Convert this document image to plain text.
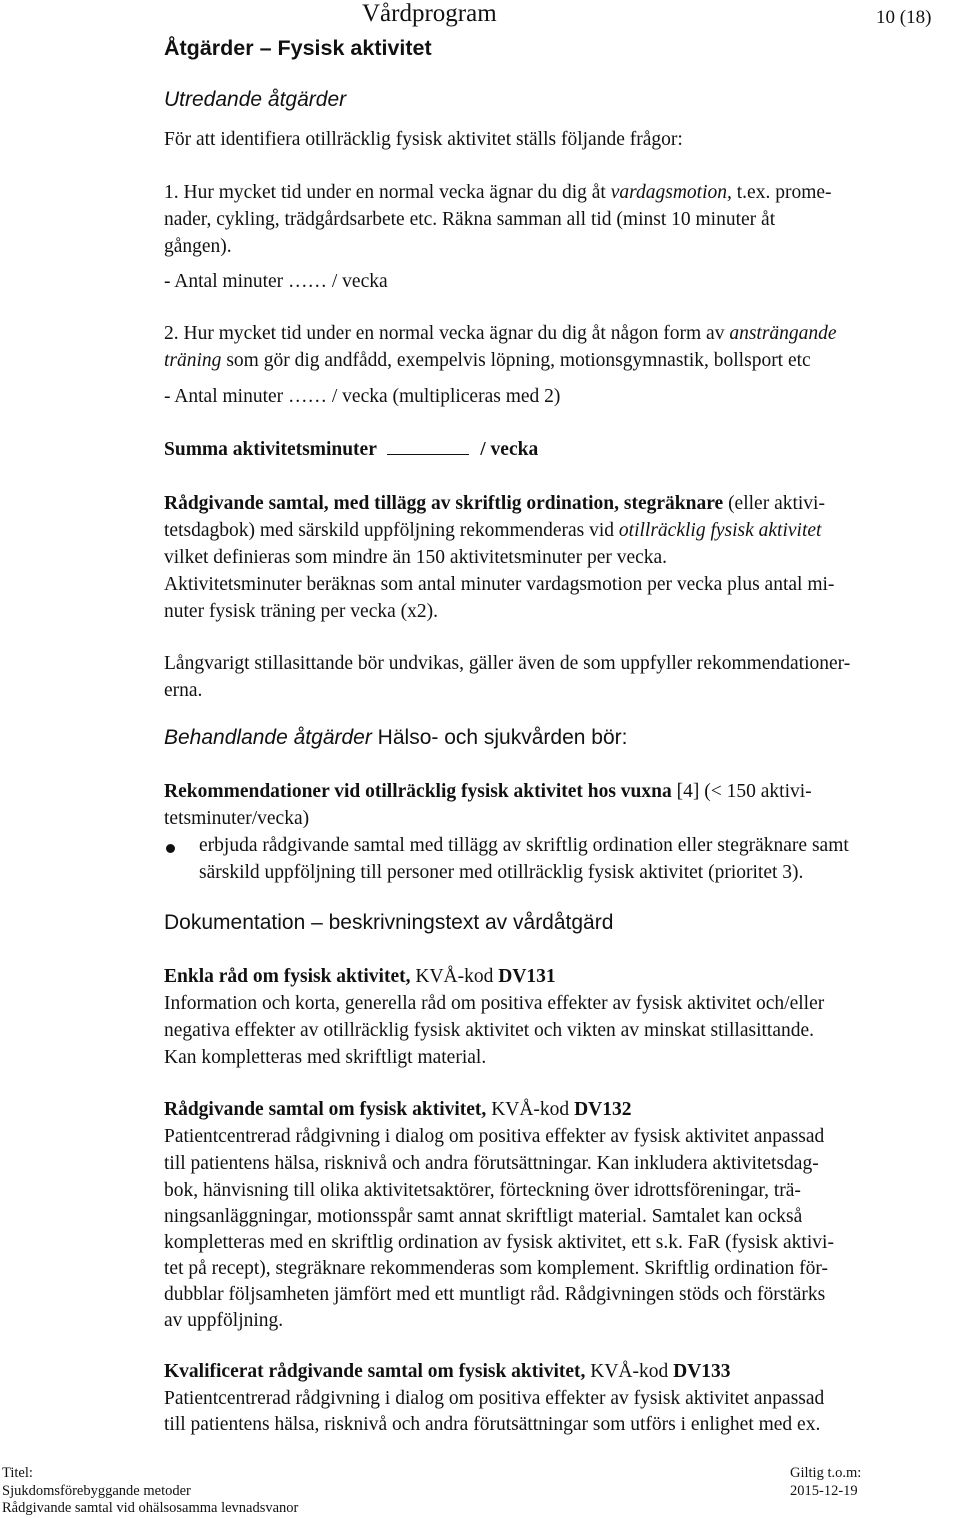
Vårdprogram	10 (18)
Åtgärder – Fysisk aktivitet
Utredande åtgärder
För att identifiera otillräcklig fysisk aktivitet ställs följande frågor:
1. Hur mycket tid under en normal vecka ägnar du dig åt vardagsmotion, t.ex. prome-
nader, cykling, trädgårdsarbete etc. Räkna samman all tid (minst 10 minuter åt
gången).
- Antal minuter …… / vecka
2. Hur mycket tid under en normal vecka ägnar du dig åt någon form av ansträngande
träning som gör dig andfådd, exempelvis löpning, motionsgymnastik, bollsport etc
- Antal minuter …… / vecka (multipliceras med 2)
Summa aktivitetsminuter	/ vecka
Rådgivande samtal, med tillägg av skriftlig ordination, stegräknare (eller aktivi-
tetsdagbok) med särskild uppföljning rekommenderas vid otillräcklig fysisk aktivitet
vilket definieras som mindre än 150 aktivitetsminuter per vecka.
Aktivitetsminuter beräknas som antal minuter vardagsmotion per vecka plus antal mi-
nuter fysisk träning per vecka (x2).
Långvarigt stillasittande bör undvikas, gäller även de som uppfyller rekommendationer-
erna.
Behandlande åtgärder Hälso- och sjukvården bör:
Rekommendationer vid otillräcklig fysisk aktivitet hos vuxna [4] (< 150 aktivi-
tetsminuter/vecka)
erbjuda rådgivande samtal med tillägg av skriftlig ordination eller stegräknare samt
särskild uppföljning till personer med otillräcklig fysisk aktivitet (prioritet 3).
Dokumentation – beskrivningstext av vårdåtgärd
Enkla råd om fysisk aktivitet, KVÅ-kod DV131
Information och korta, generella råd om positiva effekter av fysisk aktivitet och/eller
negativa effekter av otillräcklig fysisk aktivitet och vikten av minskat stillasittande.
Kan kompletteras med skriftligt material.
Rådgivande samtal om fysisk aktivitet, KVÅ-kod DV132
Patientcentrerad rådgivning i dialog om positiva effekter av fysisk aktivitet anpassad
till patientens hälsa, risknivå och andra förutsättningar. Kan inkludera aktivitetsdag-
bok, hänvisning till olika aktivitetsaktörer, förteckning över idrottsföreningar, trä-
ningsanläggningar, motionsspår samt annat skriftligt material. Samtalet kan också
kompletteras med en skriftlig ordination av fysisk aktivitet, ett s.k. FaR (fysisk aktivi-
tet på recept), stegräknare rekommenderas som komplement. Skriftlig ordination för-
dubblar följsamheten jämfört med ett muntligt råd. Rådgivningen stöds och förstärks
av uppföljning.
Kvalificerat rådgivande samtal om fysisk aktivitet, KVÅ-kod DV133
Patientcentrerad rådgivning i dialog om positiva effekter av fysisk aktivitet anpassad
till patientens hälsa, risknivå och andra förutsättningar som utförs i enlighet med ex.
Titel:
Sjukdomsförebyggande metoder
Rådgivande samtal vid ohälsosamma levnadsvanor
Giltig t.o.m:
2015-12-19
